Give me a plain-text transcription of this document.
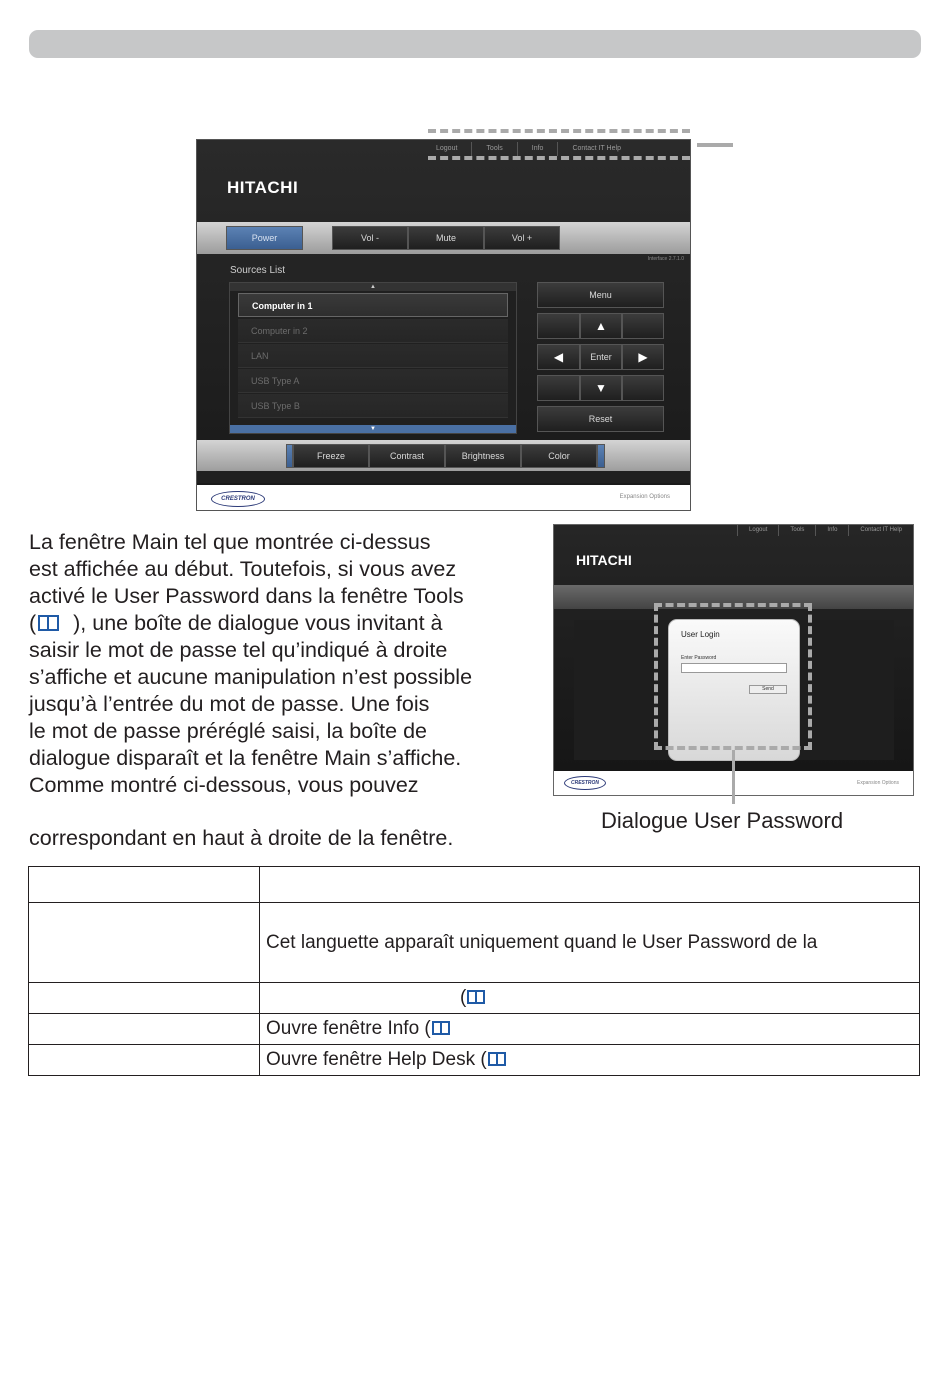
Logout	Tools	Info	Contact IT Help
HITACHI
Power	Vol -	Mute	Vol +
Interface 2.7.1.0
Sources List
▲
Computer in 1
Computer in 2
LAN
USB Type A
USB Type B
▼
Menu
▲
◀	Enter	▶
▼
Reset
Freeze	Contrast	Brightness	Color
CRESTRON	Expansion Options
La fenêtre Main tel que montrée ci-dessus
est affichée au début. Toutefois, si vous avez
activé le User Password dans la fenêtre Tools
( ), une boîte de dialogue vous invitant à
saisir le mot de passe tel qu’indiqué à droite
s’affiche et aucune manipulation n’est possible
jusqu’à l’entrée du mot de passe. Une fois
le mot de passe préréglé saisi, la boîte de
dialogue disparaît et la fenêtre Main s’affiche.
Comme montré ci-dessous, vous pouvez
correspondant en haut à droite de la fenêtre.
Logout	Tools	Info	Contact IT Help
HITACHI
User Login
Enter Password
Send
CRESTRON	Expansion Options
Dialogue User Password

	Cet languette apparaît uniquement quand le User Password de la
	(
	Ouvre fenêtre Info (
	Ouvre fenêtre Help Desk (
